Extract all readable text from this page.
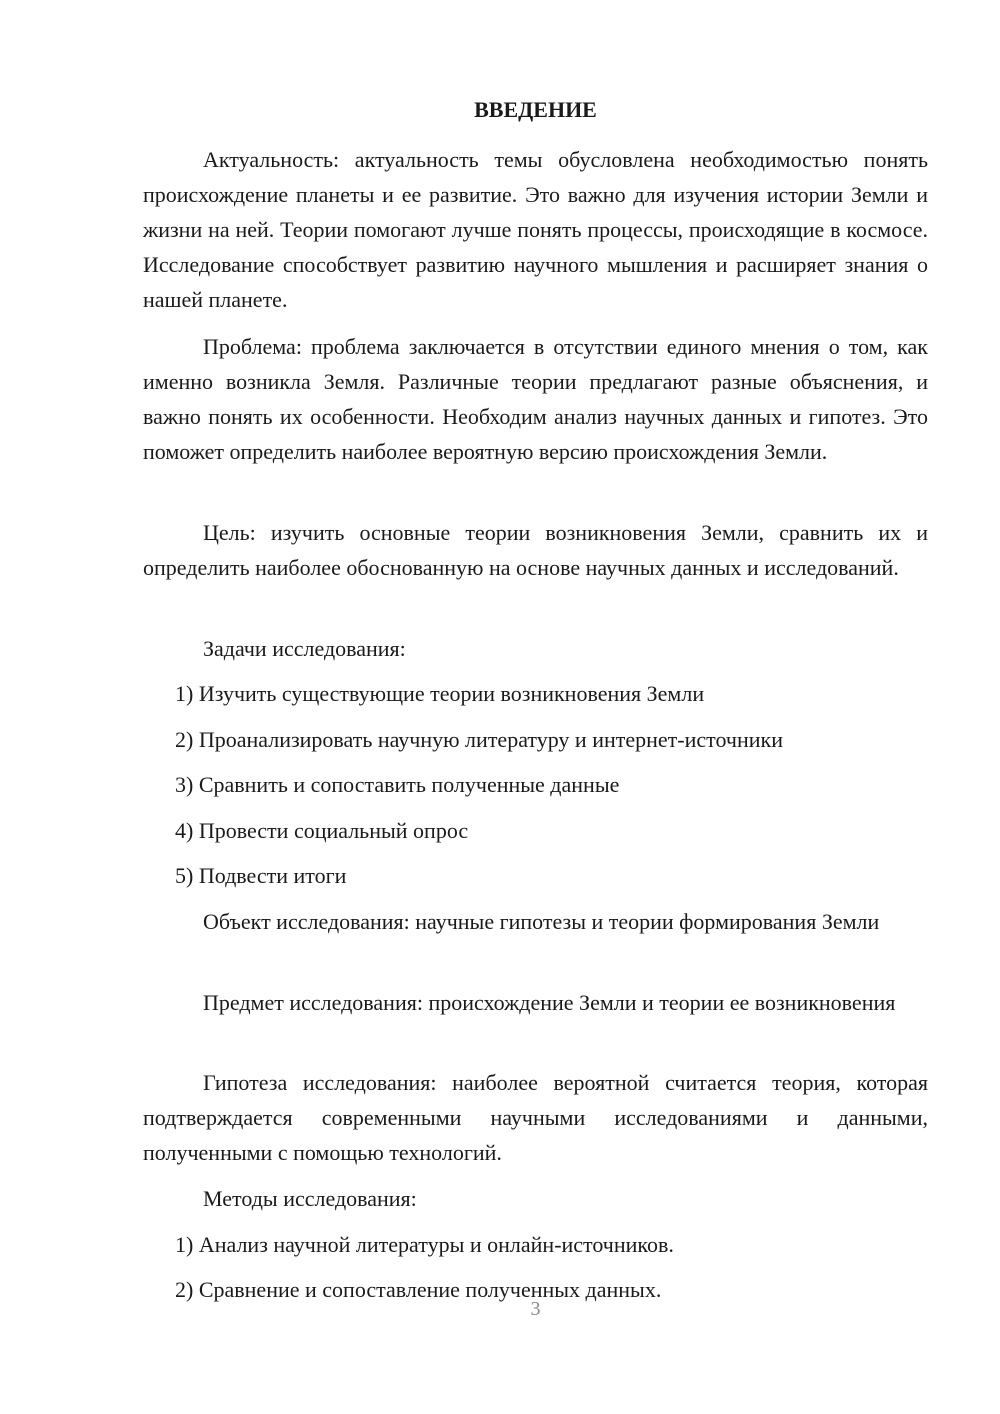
ВВЕДЕНИЕ

Актуальность: актуальность темы обусловлена необходимостью понять происхождение планеты и ее развитие. Это важно для изучения истории Земли и жизни на ней. Теории помогают лучше понять процессы, происходящие в космосе. Исследование способствует развитию научного мышления и расширяет знания о нашей планете.

Проблема: проблема заключается в отсутствии единого мнения о том, как именно возникла Земля. Различные теории предлагают разные объяснения, и важно понять их особенности. Необходим анализ научных данных и гипотез. Это поможет определить наиболее вероятную версию происхождения Земли.

Цель: изучить основные теории возникновения Земли, сравнить их и определить наиболее обоснованную на основе научных данных и исследований.

Задачи исследования:

1) Изучить существующие теории возникновения Земли

2) Проанализировать научную литературу и интернет-источники

3) Сравнить и сопоставить полученные данные

4) Провести социальный опрос

5) Подвести итоги

Объект исследования: научные гипотезы и теории формирования Земли

Предмет исследования: происхождение Земли и теории ее возникновения

Гипотеза исследования: наиболее вероятной считается теория, которая подтверждается современными научными исследованиями и данными, полученными с помощью технологий.

Методы исследования:

1) Анализ научной литературы и онлайн-источников.

2) Сравнение и сопоставление полученных данных.

3
